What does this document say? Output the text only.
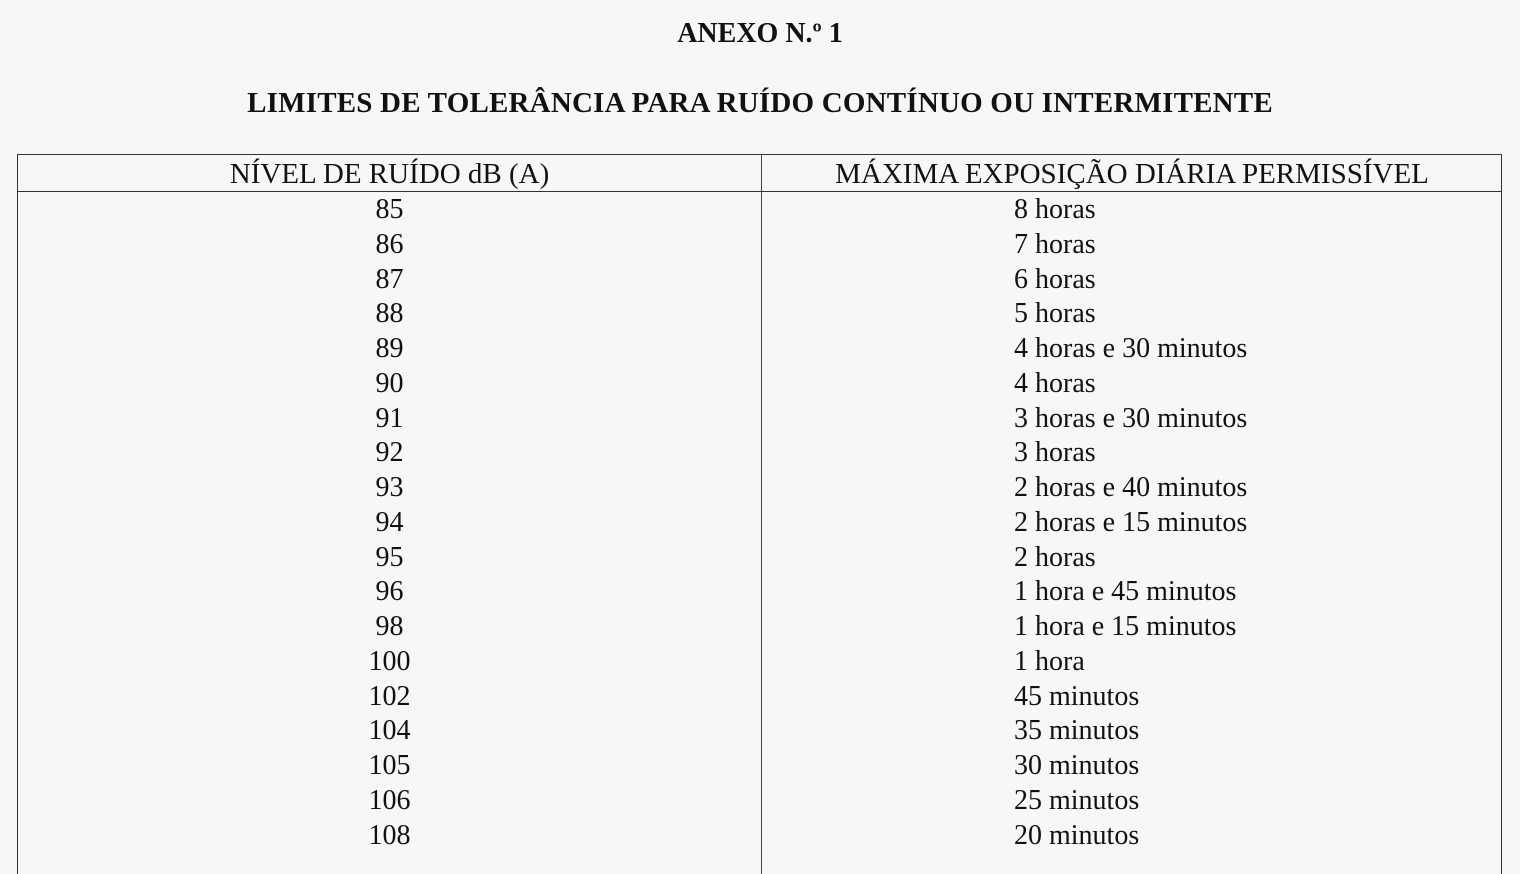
ANEXO N.º 1
LIMITES DE TOLERÂNCIA PARA RUÍDO CONTÍNUO OU INTERMITENTE
NÍVEL DE RUÍDO dB (A)	MÁXIMA EXPOSIÇÃO DIÁRIA PERMISSÍVEL
85	8 horas
86	7 horas
87	6 horas
88	5 horas
89	4 horas e 30 minutos
90	4 horas
91	3 horas e 30 minutos
92	3 horas
93	2 horas e 40 minutos
94	2 horas e 15 minutos
95	2 horas
96	1 hora e 45 minutos
98	1 hora e 15 minutos
100	1 hora
102	45 minutos
104	35 minutos
105	30 minutos
106	25 minutos
108	20 minutos
